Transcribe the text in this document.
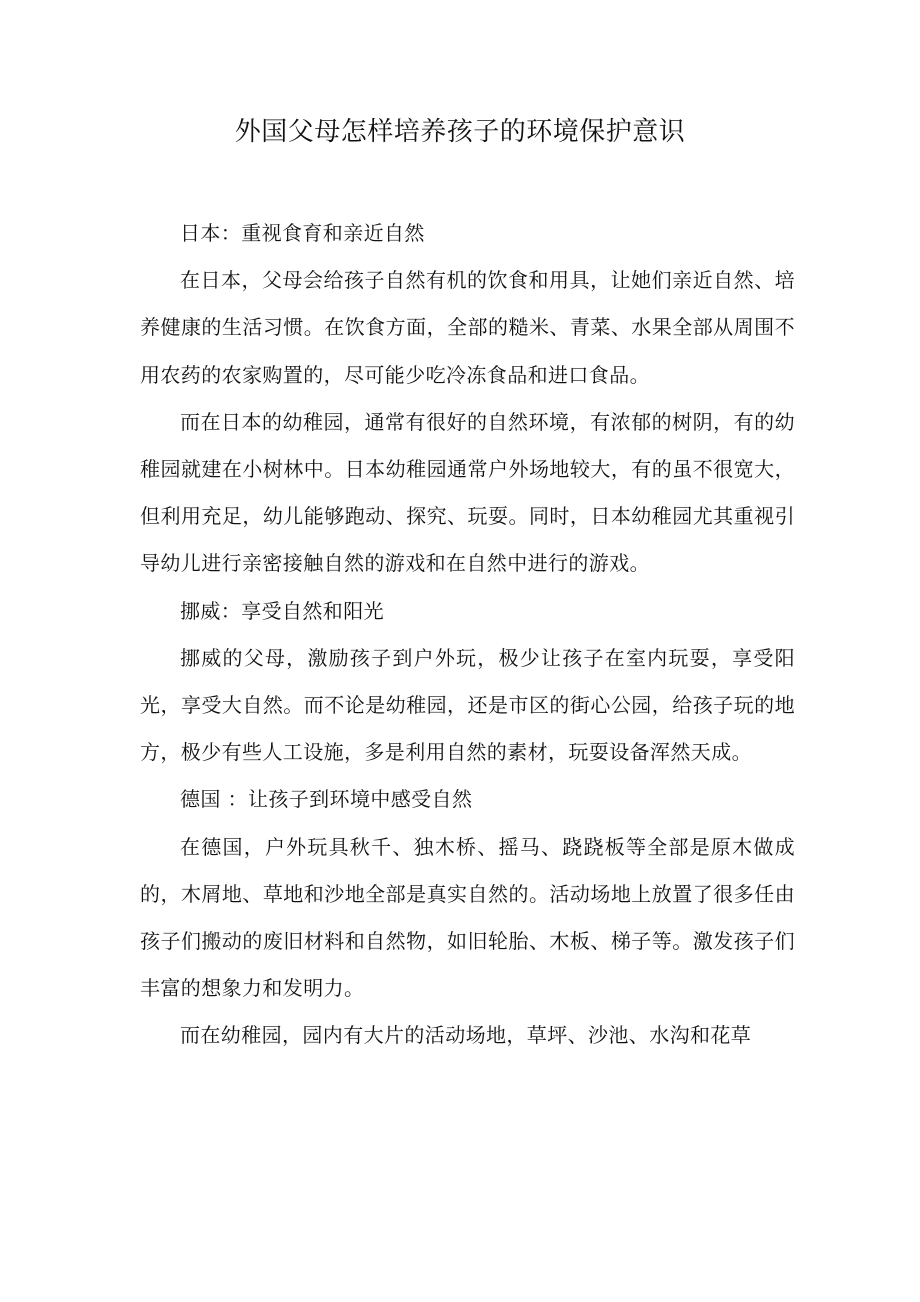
外国父母怎样培养孩子的环境保护意识

日本：重视食育和亲近自然

在日本，父母会给孩子自然有机的饮食和用具，让她们亲近自然、培养健康的生活习惯。在饮食方面，全部的糙米、青菜、水果全部从周围不用农药的农家购置的，尽可能少吃冷冻食品和进口食品。

而在日本的幼稚园，通常有很好的自然环境，有浓郁的树阴，有的幼稚园就建在小树林中。日本幼稚园通常户外场地较大，有的虽不很宽大，但利用充足，幼儿能够跑动、探究、玩耍。同时，日本幼稚园尤其重视引导幼儿进行亲密接触自然的游戏和在自然中进行的游戏。

挪威：享受自然和阳光

挪威的父母，激励孩子到户外玩，极少让孩子在室内玩耍，享受阳光，享受大自然。而不论是幼稚园，还是市区的街心公园，给孩子玩的地方，极少有些人工设施，多是利用自然的素材，玩耍设备浑然天成。

德国 ：让孩子到环境中感受自然

在德国，户外玩具秋千、独木桥、摇马、跷跷板等全部是原木做成的，木屑地、草地和沙地全部是真实自然的。活动场地上放置了很多任由孩子们搬动的废旧材料和自然物，如旧轮胎、木板、梯子等。激发孩子们丰富的想象力和发明力。

而在幼稚园，园内有大片的活动场地，草坪、沙池、水沟和花草
